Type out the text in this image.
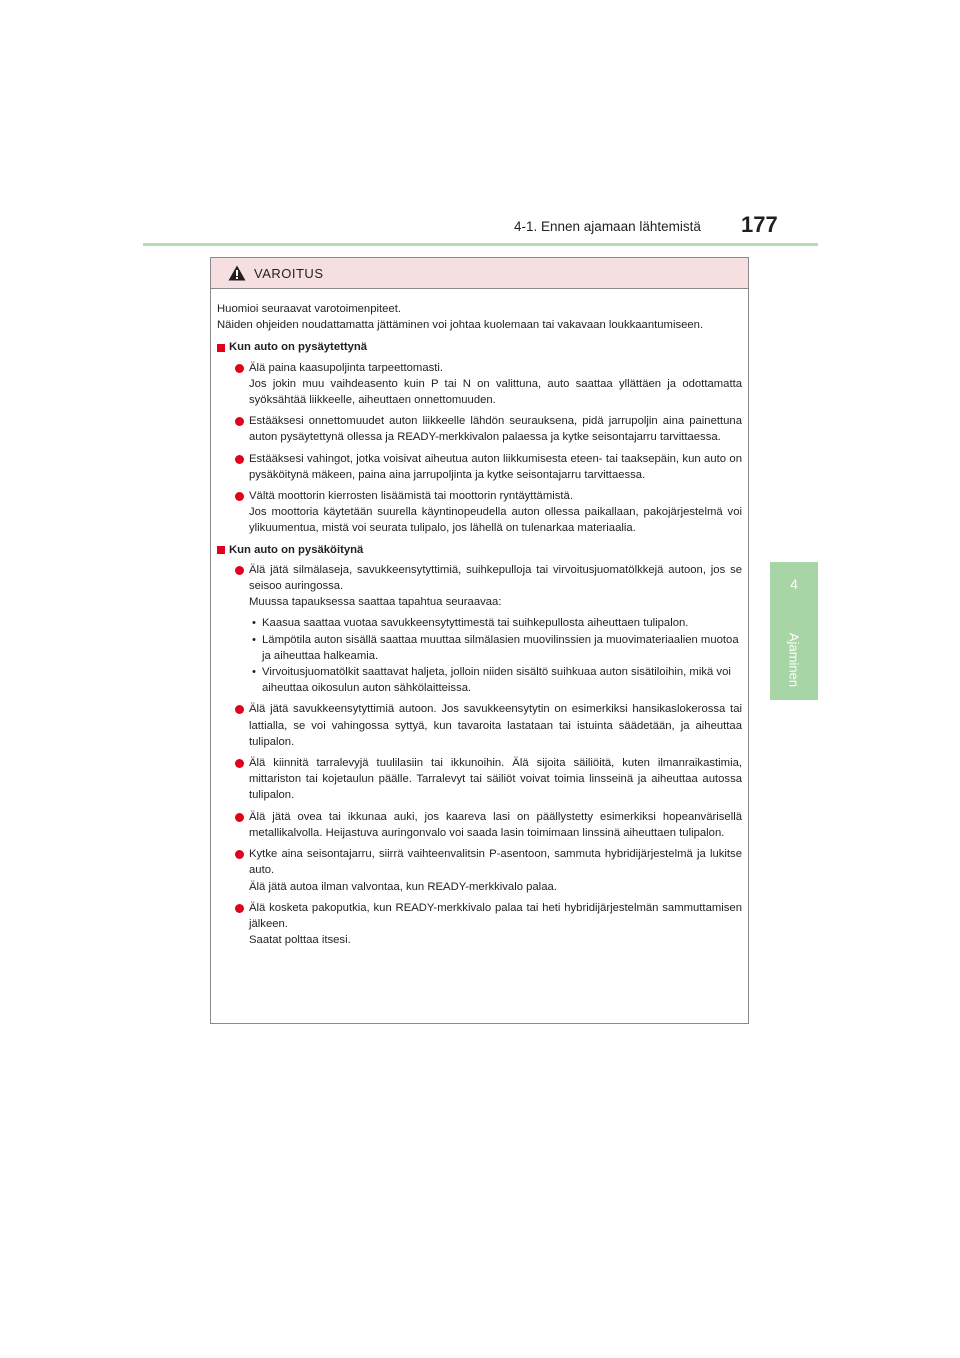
4-1. Ennen ajamaan lähtemistä 177
4
Ajaminen
VAROITUS
Huomioi seuraavat varotoimenpiteet.
Näiden ohjeiden noudattamatta jättäminen voi johtaa kuolemaan tai vakavaan loukkaantumiseen.
Kun auto on pysäytettynä

Älä paina kaasupoljinta tarpeettomasti.

Jos jokin muu vaihdeasento kuin P tai N on valittuna, auto saattaa yllättäen ja odottamatta syöksähtää liikkeelle, aiheuttaen onnettomuuden.

Estääksesi onnettomuudet auton liikkeelle lähdön seurauksena, pidä jarrupoljin aina painettuna auton pysäytettynä ollessa ja READY-merkkivalon palaessa ja kytke seisontajarru tarvittaessa.

Estääksesi vahingot, jotka voisivat aiheutua auton liikkumisesta eteen- tai taaksepäin, kun auto on pysäköitynä mäkeen, paina aina jarrupoljinta ja kytke seisontajarru tarvittaessa.

Vältä moottorin kierrosten lisäämistä tai moottorin ryntäyttämistä.

Jos moottoria käytetään suurella käyntinopeudella auton ollessa paikallaan, pakojärjestelmä voi ylikuumentua, mistä voi seurata tulipalo, jos lähellä on tulenarkaa materiaalia.

Kun auto on pysäköitynä

Älä jätä silmälaseja, savukkeensytyttimiä, suihkepulloja tai virvoitusjuomatölkkejä autoon, jos se seisoo auringossa.

Muussa tapauksessa saattaa tapahtua seuraavaa:

• Kaasua saattaa vuotaa savukkeensytyttimestä tai suihkepullosta aiheuttaen tulipalon.
• Lämpötila auton sisällä saattaa muuttaa silmälasien muovilinssien ja muovimateriaalien muotoa ja aiheuttaa halkeamia.
• Virvoitusjuomatölkit saattavat haljeta, jolloin niiden sisältö suihkuaa auton sisätiloihin, mikä voi aiheuttaa oikosulun auton sähkölaitteissa.

Älä jätä savukkeensytyttimiä autoon. Jos savukkeensytytin on esimerkiksi hansikaslokerossa tai lattialla, se voi vahingossa syttyä, kun tavaroita lastataan tai istuinta säädetään, ja aiheuttaa tulipalon.

Älä kiinnitä tarralevyjä tuulilasiin tai ikkunoihin. Älä sijoita säiliöitä, kuten ilmanraikastimia, mittariston tai kojetaulun päälle. Tarralevyt tai säiliöt voivat toimia linsseinä ja aiheuttaa autossa tulipalon.

Älä jätä ovea tai ikkunaa auki, jos kaareva lasi on päällystetty esimerkiksi hopeanvärisellä metallikalvolla. Heijastuva auringonvalo voi saada lasin toimimaan linssinä aiheuttaen tulipalon.

Kytke aina seisontajarru, siirrä vaihteenvalitsin P-asentoon, sammuta hybridijärjestelmä ja lukitse auto.

Älä jätä autoa ilman valvontaa, kun READY-merkkivalo palaa.

Älä kosketa pakoputkia, kun READY-merkkivalo palaa tai heti hybridijärjestelmän sammuttamisen jälkeen.

Saatat polttaa itsesi.
